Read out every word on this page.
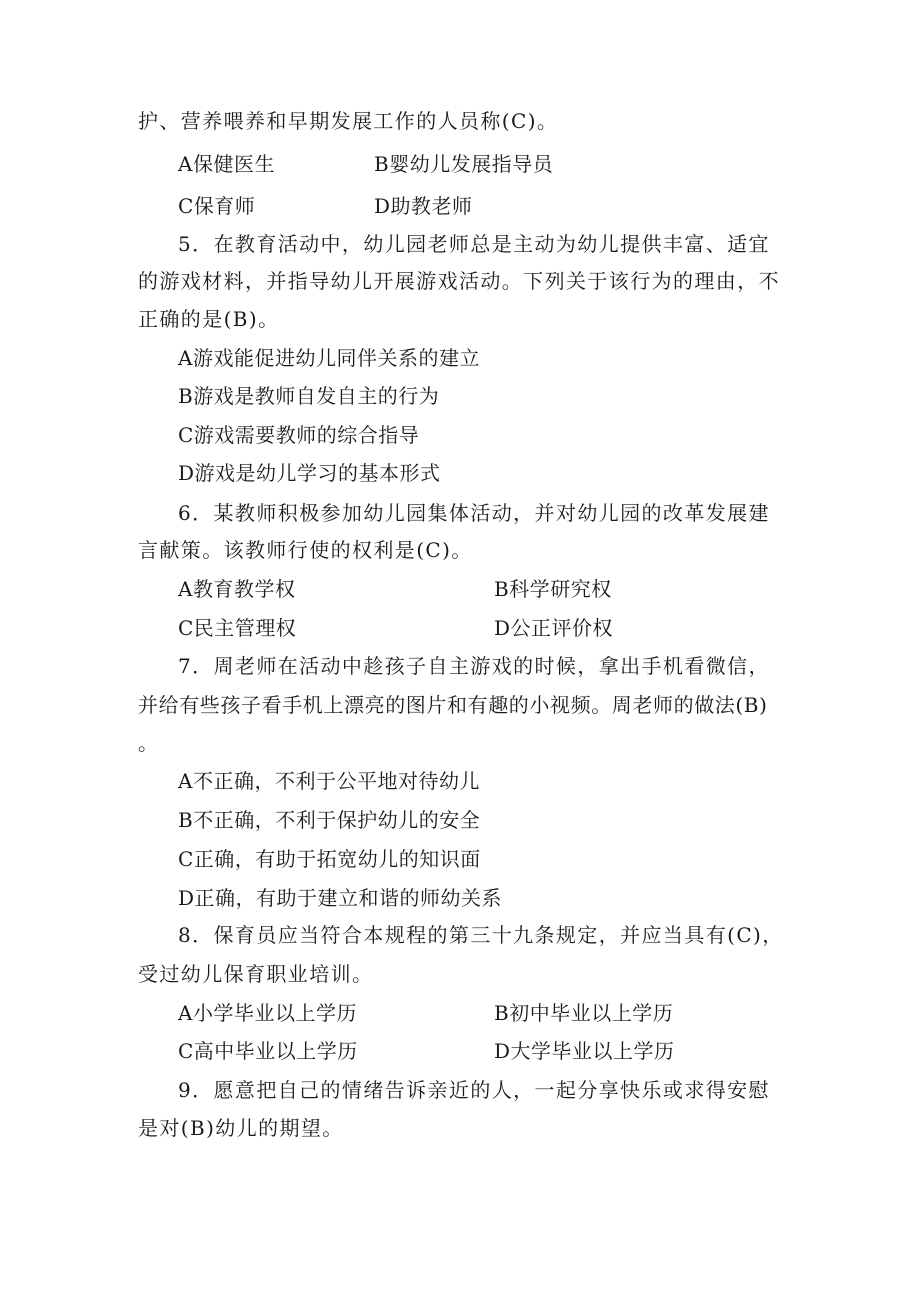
护、营养喂养和早期发展工作的人员称(C)。
A保健医生	B婴幼儿发展指导员
C保育师	D助教老师
5．在教育活动中，幼儿园老师总是主动为幼儿提供丰富、适宜
的游戏材料，并指导幼儿开展游戏活动。下列关于该行为的理由，不
正确的是(B)。
A游戏能促进幼儿同伴关系的建立
B游戏是教师自发自主的行为
C游戏需要教师的综合指导
D游戏是幼儿学习的基本形式
6．某教师积极参加幼儿园集体活动，并对幼儿园的改革发展建
言献策。该教师行使的权利是(C)。
A教育教学权	B科学研究权
C民主管理权	D公正评价权
7．周老师在活动中趁孩子自主游戏的时候，拿出手机看微信，
并给有些孩子看手机上漂亮的图片和有趣的小视频。周老师的做法(B)
。
A不正确，不利于公平地对待幼儿
B不正确，不利于保护幼儿的安全
C正确，有助于拓宽幼儿的知识面
D正确，有助于建立和谐的师幼关系
8．保育员应当符合本规程的第三十九条规定，并应当具有(C)，
受过幼儿保育职业培训。
A小学毕业以上学历	B初中毕业以上学历
C高中毕业以上学历	D大学毕业以上学历
9．愿意把自己的情绪告诉亲近的人，一起分享快乐或求得安慰
是对(B)幼儿的期望。
